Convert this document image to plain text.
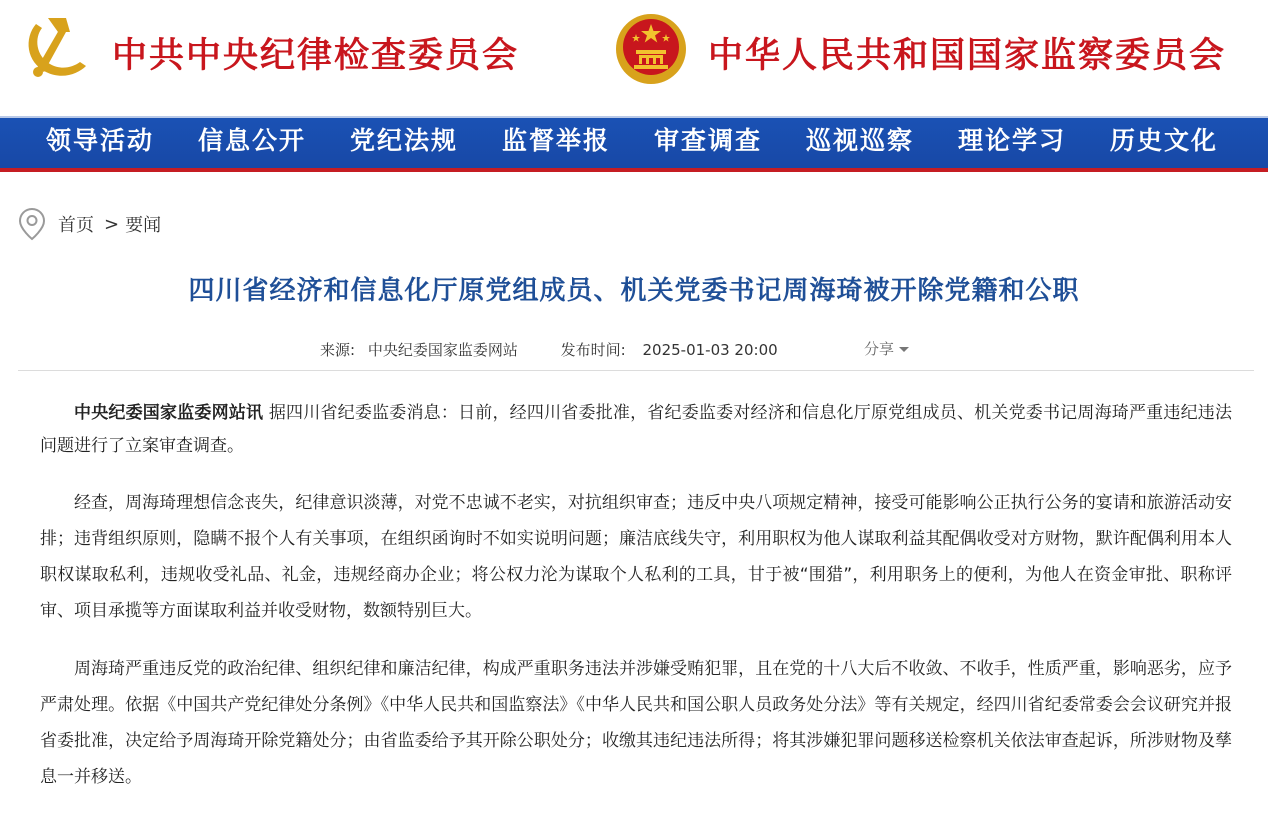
中共中央纪律检查委员会	中华人民共和国国家监察委员会
领导活动	信息公开	党纪法规	监督举报	审查调查	巡视巡察	理论学习	历史文化
首页 > 要闻
四川省经济和信息化厅原党组成员、机关党委书记周海琦被开除党籍和公职
来源: 中央纪委国家监委网站	发布时间: 2025-01-03 20:00	分享

中央纪委国家监委网站讯 据四川省纪委监委消息：日前，经四川省委批准，省纪委监委对经济和信息化厅原党组成员、机关党委书记周海琦严重违纪违法问题进行了立案审查调查。

经查，周海琦理想信念丧失，纪律意识淡薄，对党不忠诚不老实，对抗组织审查；违反中央八项规定精神，接受可能影响公正执行公务的宴请和旅游活动安排；违背组织原则，隐瞒不报个人有关事项，在组织函询时不如实说明问题；廉洁底线失守，利用职权为他人谋取利益其配偶收受对方财物，默许配偶利用本人职权谋取私利，违规收受礼品、礼金，违规经商办企业；将公权力沦为谋取个人私利的工具，甘于被“围猎”，利用职务上的便利，为他人在资金审批、职称评审、项目承揽等方面谋取利益并收受财物，数额特别巨大。

周海琦严重违反党的政治纪律、组织纪律和廉洁纪律，构成严重职务违法并涉嫌受贿犯罪，且在党的十八大后不收敛、不收手，性质严重，影响恶劣，应予严肃处理。依据《中国共产党纪律处分条例》《中华人民共和国监察法》《中华人民共和国公职人员政务处分法》等有关规定，经四川省纪委常委会会议研究并报省委批准，决定给予周海琦开除党籍处分；由省监委给予其开除公职处分；收缴其违纪违法所得；将其涉嫌犯罪问题移送检察机关依法审查起诉，所涉财物及孳息一并移送。
